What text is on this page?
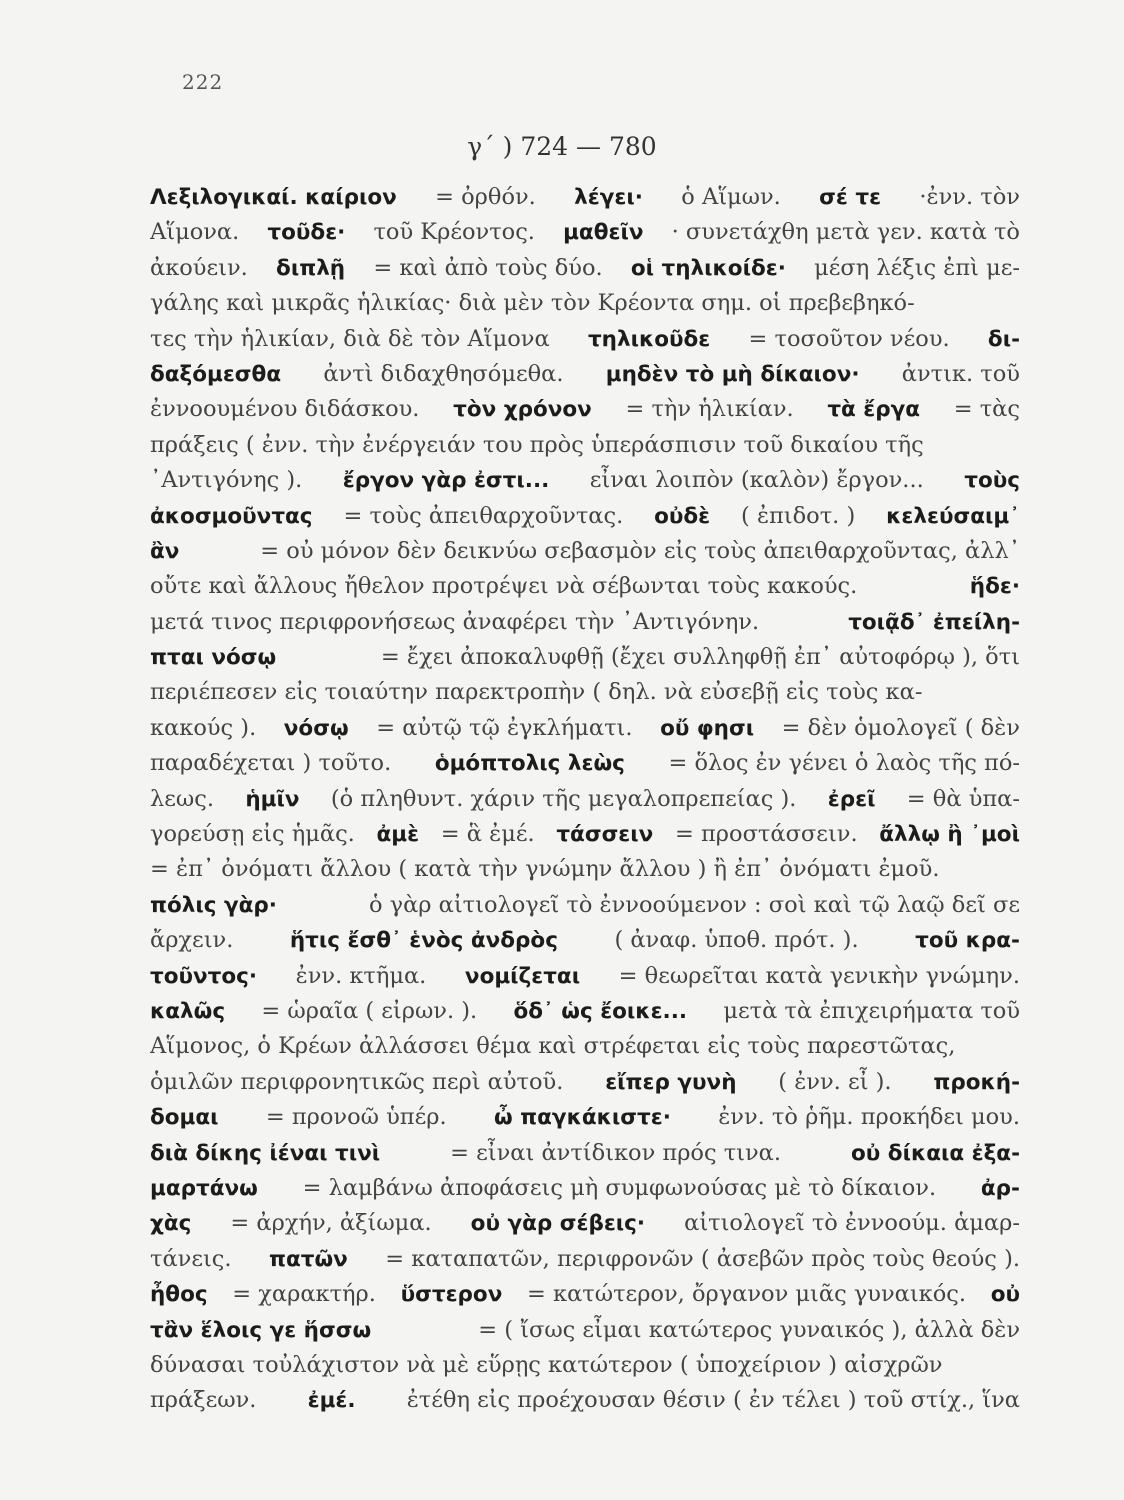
222
γ΄ ) 724 — 780
Λεξιλογικαί. καίριον = ὀρθόν. λέγει· ὁ Αἵμων. σέ τε ·ἐνν. τὸν
Αἵμονα. τοῦδε· τοῦ Κρέοντος. μαθεῖν · συνετάχθη μετὰ γεν. κατὰ τὸ
ἀκούειν. διπλῇ = καὶ ἀπὸ τοὺς δύο. οἱ τηλικοίδε· μέση λέξις ἐπὶ με-
γάλης καὶ μικρᾶς ἡλικίας· διὰ μὲν τὸν Κρέοντα σημ. οἱ πρεβεβηκό-
τες τὴν ἡλικίαν, διὰ δὲ τὸν Αἵμονα τηλικοῦδε = τοσοῦτον νέου. δι-
δαξόμεσθα ἀντὶ διδαχθησόμεθα. μηδὲν τὸ μὴ δίκαιον· ἀντικ. τοῦ
ἐννοουμένου διδάσκου. τὸν χρόνον = τὴν ἡλικίαν. τὰ ἔργα = τὰς
πράξεις ( ἐνν. τὴν ἐνέργειάν του πρὸς ὑπεράσπισιν τοῦ δικαίου τῆς
᾿Αντιγόνης ). ἔργον γὰρ ἐστι... εἶναι λοιπὸν (καλὸν) ἔργον... τοὺς
ἀκοσμοῦντας = τοὺς ἀπειθαρχοῦντας. οὐδὲ ( ἐπιδοτ. ) κελεύσαιμ᾿
ἂν	= οὐ μόνον δὲν δεικνύω σεβασμὸν εἰς τοὺς ἀπειθαρχοῦντας, ἀλλ᾿
οὔτε καὶ ἄλλους ἤθελον προτρέψει νὰ σέβωνται τοὺς κακούς.	ἥδε·
μετά τινος περιφρονήσεως ἀναφέρει τὴν ᾿Αντιγόνην.	τοιᾷδ᾿ ἐπείλη-
πται νόσῳ	= ἔχει ἀποκαλυφθῇ (ἔχει συλληφθῇ ἐπ᾿ αὐτοφόρῳ ), ὅτι
περιέπεσεν εἰς τοιαύτην παρεκτροπὴν ( δηλ. νὰ εὐσεβῇ εἰς τοὺς κα-
κακούς ). νόσῳ = αὐτῷ τῷ ἐγκλήματι. οὔ φησι = δὲν ὁμολογεῖ ( δὲν
παραδέχεται ) τοῦτο. ὁμόπτολις λεὼς = ὅλος ἐν γένει ὁ λαὸς τῆς πό-
λεως. ἡμῖν (ὁ πληθυντ. χάριν τῆς μεγαλοπρεπείας ). ἐρεῖ = θὰ ὑπα-
γορεύσῃ εἰς ἡμᾶς. ἀμὲ = ἃ ἐμέ. τάσσειν = προστάσσειν. ἄλλῳ ἢ ᾿μοὶ
= ἐπ᾿ ὀνόματι ἄλλου ( κατὰ τὴν γνώμην ἄλλου ) ἢ ἐπ᾿ ὀνόματι ἐμοῦ.
πόλις γὰρ·	ὁ γὰρ αἰτιολογεῖ τὸ ἐννοούμενον : σοὶ καὶ τῷ λαῷ δεῖ σε
ἄρχειν.	ἥτις ἔσθ᾿ ἑνὸς ἀνδρὸς	( ἀναφ. ὑποθ. πρότ. ).	τοῦ κρα-
τοῦντος· ἐνν. κτῆμα. νομίζεται = θεωρεῖται κατὰ γενικὴν γνώμην.
καλῶς = ὡραῖα ( εἰρων. ). ὅδ᾿ ὡς ἔοικε... μετὰ τὰ ἐπιχειρήματα τοῦ
Αἵμονος, ὁ Κρέων ἀλλάσσει θέμα καὶ στρέφεται εἰς τοὺς παρεστῶτας,
ὁμιλῶν περιφρονητικῶς περὶ αὐτοῦ. εἴπερ γυνὴ ( ἐνν. εἶ ). προκή-
δομαι = προνοῶ ὑπέρ. ὦ παγκάκιστε· ἐνν. τὸ ῥῆμ. προκήδει μου.
διὰ δίκης ἰέναι τινὶ	= εἶναι ἀντίδικον πρός τινα.	οὐ δίκαια ἐξα-
μαρτάνω = λαμβάνω ἀποφάσεις μὴ συμφωνούσας μὲ τὸ δίκαιον. ἀρ-
χὰς = ἀρχήν, ἀξίωμα. οὐ γὰρ σέβεις· αἰτιολογεῖ τὸ ἐννοούμ. ἁμαρ-
τάνεις. πατῶν = καταπατῶν, περιφρονῶν ( ἀσεβῶν πρὸς τοὺς θεούς ).
ἦθος = χαρακτήρ. ὕστερον = κατώτερον, ὄργανον μιᾶς γυναικός. οὐ
τἂν ἕλοις γε ἥσσω	= ( ἴσως εἶμαι κατώτερος γυναικός ), ἀλλὰ δὲν
δύνασαι τοὐλάχιστον νὰ μὲ εὕρῃς κατώτερον ( ὑποχείριον ) αἰσχρῶν
πράξεων. ἐμέ. ἐτέθη εἰς προέχουσαν θέσιν ( ἐν τέλει ) τοῦ στίχ., ἵνα
